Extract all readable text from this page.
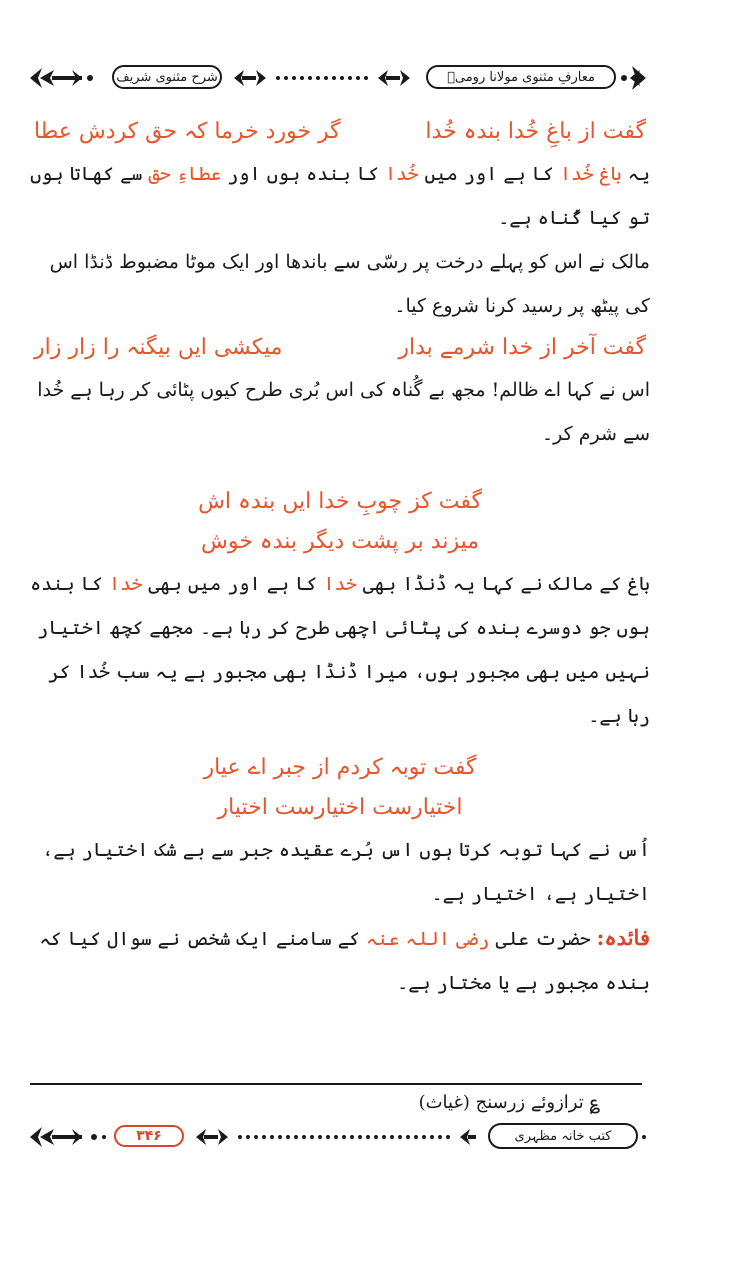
معارفِ مثنوی مولانا رومیؒ
شرح مثنوی شریف
گفت از باغِ خُدا بندہ خُدا
گر خورد خرما کہ حق کردش عطا

یہ باغ خُدا کا ہے اور میں خُدا کا بندہ ہوں اور عطاءِ حق سے کھاتا ہوں تو کیا گُناہ ہے۔

مالک نے اس کو پہلے درخت پر رسّی سے باندھا اور ایک موٹا مضبوط ڈنڈا اس کی پیٹھ پر رسید کرنا شروع کیا۔

گفت آخر از خدا شرمے بدار
میکشی ایں بیگنہ را زار زار

اس نے کہا اے ظالم! مجھ بے گُناہ کی اس بُری طرح کیوں پٹائی کر رہا ہے خُدا سے شرم کر۔

گفت کز چوبِ خدا ایں بندہ اش

میزند بر پشت دیگر بندہ خوش

باغ کے مالک نے کہا یہ ڈنڈا بھی خدا کا ہے اور میں بھی خدا کا بندہ ہوں جو دوسرے بندہ کی پٹائی اچھی طرح کر رہا ہے۔ مجھے کچھ اختیار نہیں میں بھی مجبور ہوں، میرا ڈنڈا بھی مجبور ہے یہ سب خُدا کر رہا ہے۔

گفت توبہ کردم از جبر اے عیار

اختیارست اختیارست اختیار

اُس نے کہا توبہ کرتا ہوں اس بُرے عقیدہ جبر سے بے شک اختیار ہے، اختیار ہے، اختیار ہے۔

فائدہ: حضرت علی رضی اللہ عنہ کے سامنے ایک شخص نے سوال کیا کہ بندہ مجبور ہے یا مختار ہے۔

؏ ترازوئے زرسنج (غیاث)
۳۴۶	کتب خانہ مظہری
